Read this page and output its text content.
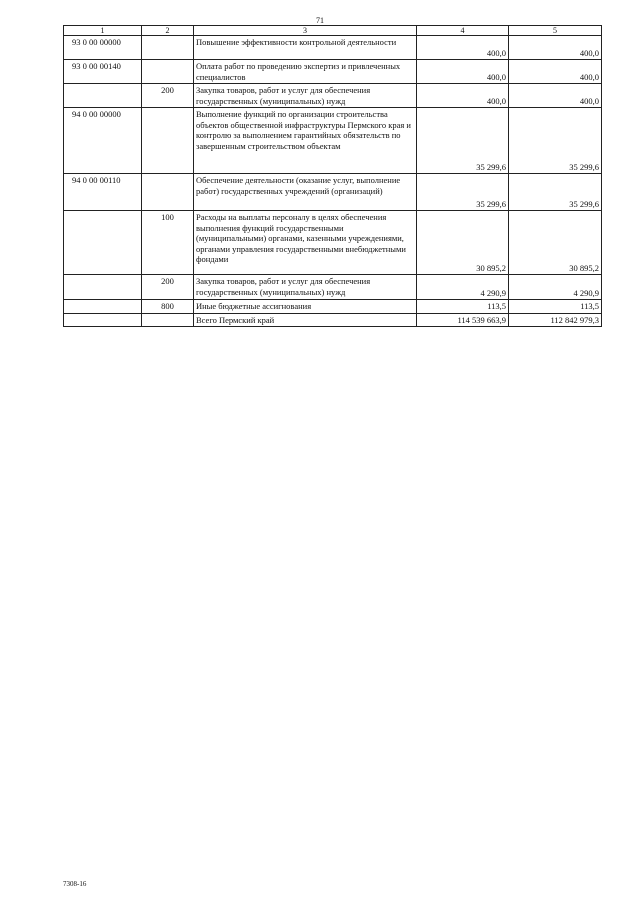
71
1	2	3	4	5
93 0 00 00000		Повышение эффективности контрольной деятельности	400,0	400,0
93 0 00 00140		Оплата работ по проведению экспертиз и привлеченных специалистов	400,0	400,0
	200	Закупка товаров, работ и услуг для обеспечения государственных (муниципальных) нужд	400,0	400,0
94 0 00 00000		Выполнение функций по организации строительства объектов общественной инфраструктуры Пермского края и контролю за выполнением гарантийных обязательств по завершенным строительством объектам	35 299,6	35 299,6
94 0 00 00110		Обеспечение деятельности (оказание услуг, выполнение работ) государственных учреждений (организаций)	35 299,6	35 299,6
	100	Расходы на выплаты персоналу в целях обеспечения выполнения функций государственными (муниципальными) органами, казенными учреждениями, органами управления государственными внебюджетными фондами	30 895,2	30 895,2
	200	Закупка товаров, работ и услуг для обеспечения государственных (муниципальных) нужд	4 290,9	4 290,9
	800	Иные бюджетные ассигнования	113,5	113,5
		Всего Пермский край	114 539 663,9	112 842 979,3
7308-16
